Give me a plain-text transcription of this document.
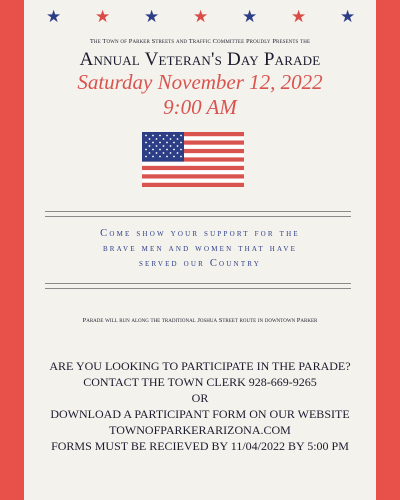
★ ★ ★ ★ ★ ★ ★
The Town of Parker Streets and Traffic Committee Proudly Presents the
Annual Veteran's Day Parade
Saturday November 12, 2022
9:00 AM
Come show your support for the
brave men and women that have
served our Country
Parade will run along the traditional Joshua Street route in downtown Parker
ARE YOU LOOKING TO PARTICIPATE IN THE PARADE?
CONTACT THE TOWN CLERK 928-669-9265
OR
DOWNLOAD A PARTICIPANT FORM ON OUR WEBSITE
TOWNOFPARKERARIZONA.COM
FORMS MUST BE RECIEVED BY 11/04/2022 BY 5:00 PM
